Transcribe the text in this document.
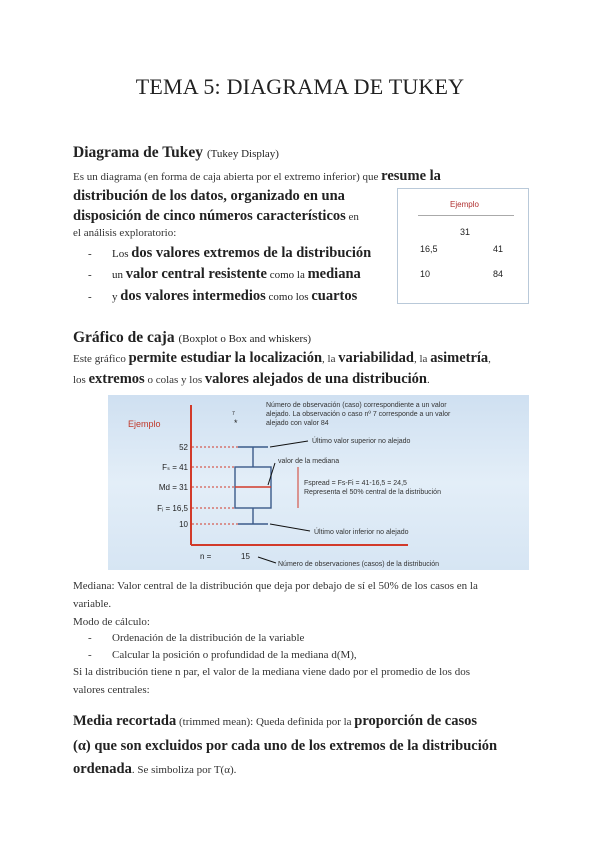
TEMA 5: DIAGRAMA DE TUKEY
Diagrama de Tukey (Tukey Display)
Es un diagrama (en forma de caja abierta por el extremo inferior) que resume la
distribución de los datos, organizado en una
disposición de cinco números característicos en
el análisis exploratorio:
- Los dos valores extremos de la distribución
- un valor central resistente como la mediana
- y dos valores intermedios como los cuartos
Ejemplo
31
16,5	41
10	84
Gráfico de caja (Boxplot o Box and whiskers)
Este gráfico permite estudiar la localización, la variabilidad, la asimetría,
los extremos o colas y los valores alejados de una distribución.
Ejemplo
52
Fₛ = 41
Md = 31
Fᵢ = 16,5
10
*
7
Número de observación (caso) correspondiente a un valor
alejado. La observación o caso nº 7 corresponde a un valor
alejado con valor 84
Último valor superior no alejado
valor de la mediana
Fspread = Fs-Fi = 41-16,5 = 24,5
Representa el 50% central de la distribución
Último valor inferior no alejado
n =	15
Número de observaciones (casos) de la distribución
Mediana: Valor central de la distribución que deja por debajo de sí el 50% de los casos en la
variable.
Modo de cálculo:
- Ordenación de la distribución de la variable
- Calcular la posición o profundidad de la mediana d(M),
Si la distribución tiene n par, el valor de la mediana viene dado por el promedio de los dos
valores centrales:
Media recortada (trimmed mean): Queda definida por la proporción de casos
(α) que son excluidos por cada uno de los extremos de la distribución
ordenada. Se simboliza por T(α).
